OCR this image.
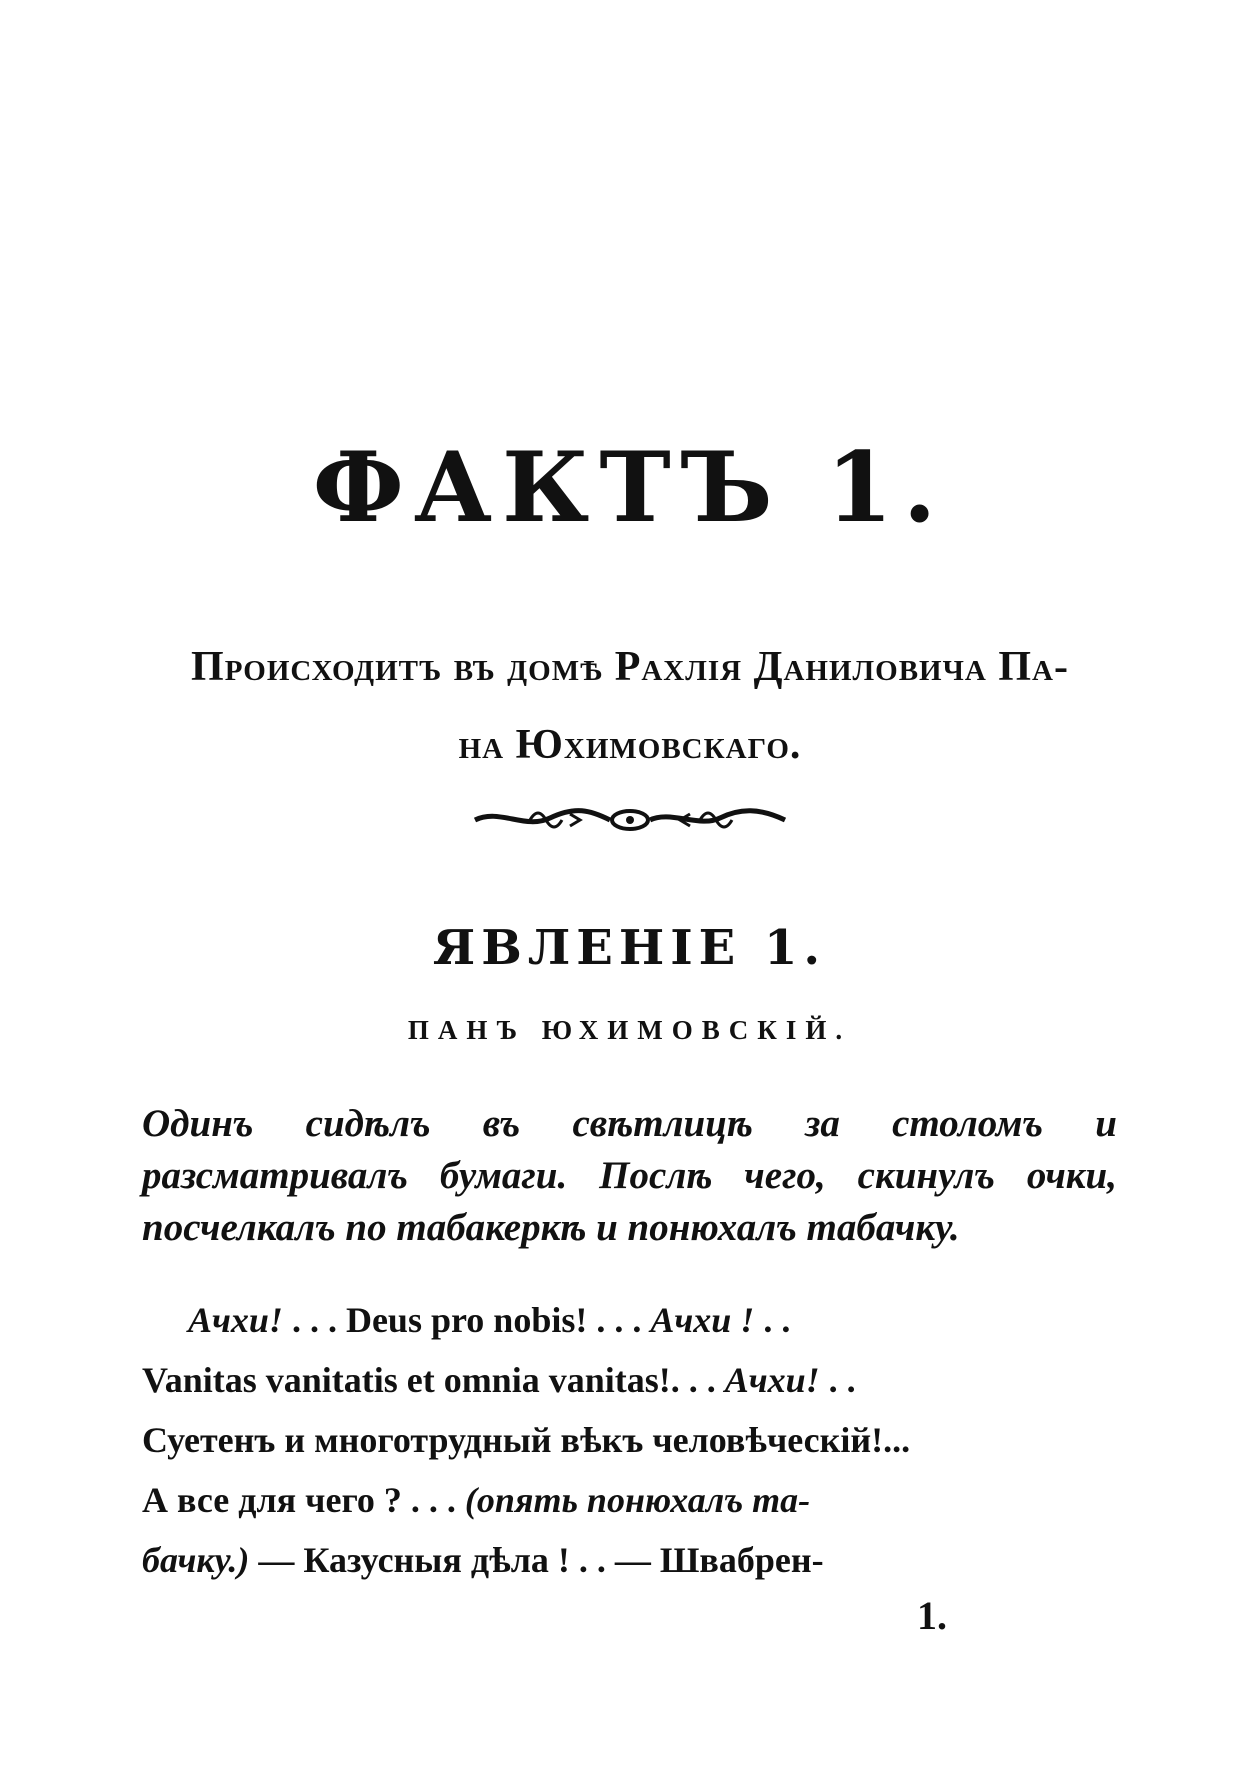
ФАКТЪ 1.
Происходитъ въ домѣ Рахлія Даниловича Па-
на Юхимовскаго.
ЯВЛЕНІЕ 1.
ПАНЪ ЮХИМОВСКІЙ.
Одинъ сидѣлъ въ свѣтлицѣ за столомъ и разсматривалъ бумаги. Послѣ чего, скинулъ очки, посчелкалъ по табакеркѣ и понюхалъ табачку.
Ачхи! . . . Deus pro nobis! . . . Ачхи ! . .
Vanitas vanitatis et omnia vanitas!. . . Ачхи! . .
Суетенъ и многотрудный вѣкъ человѣческій!...
А все для чего ? . . . (опять понюхалъ та-
бачку.) — Казусныя дѣла ! . . — Швабрен-
1.
